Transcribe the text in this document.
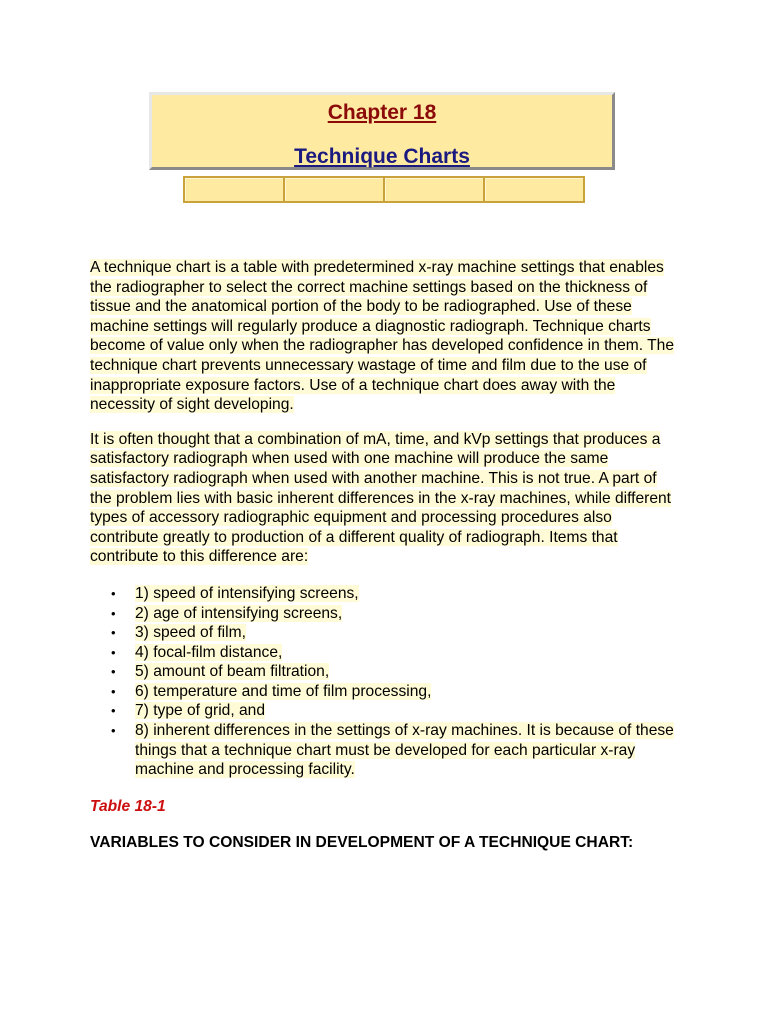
Chapter 18
Technique Charts

A technique chart is a table with predetermined x-ray machine settings that enables the radiographer to select the correct machine settings based on the thickness of tissue and the anatomical portion of the body to be radiographed. Use of these machine settings will regularly produce a diagnostic radiograph. Technique charts become of value only when the radiographer has developed confidence in them. The technique chart prevents unnecessary wastage of time and film due to the use of inappropriate exposure factors. Use of a technique chart does away with the necessity of sight developing.

It is often thought that a combination of mA, time, and kVp settings that produces a satisfactory radiograph when used with one machine will produce the same satisfactory radiograph when used with another machine. This is not true. A part of the problem lies with basic inherent differences in the x-ray machines, while different types of accessory radiographic equipment and processing procedures also contribute greatly to production of a different quality of radiograph. Items that contribute to this difference are:

• 1) speed of intensifying screens,
• 2) age of intensifying screens,
• 3) speed of film,
• 4) focal-film distance,
• 5) amount of beam filtration,
• 6) temperature and time of film processing,
• 7) type of grid, and
• 8) inherent differences in the settings of x-ray machines. It is because of these things that a technique chart must be developed for each particular x-ray machine and processing facility.
Table 18-1
VARIABLES TO CONSIDER IN DEVELOPMENT OF A TECHNIQUE CHART:
